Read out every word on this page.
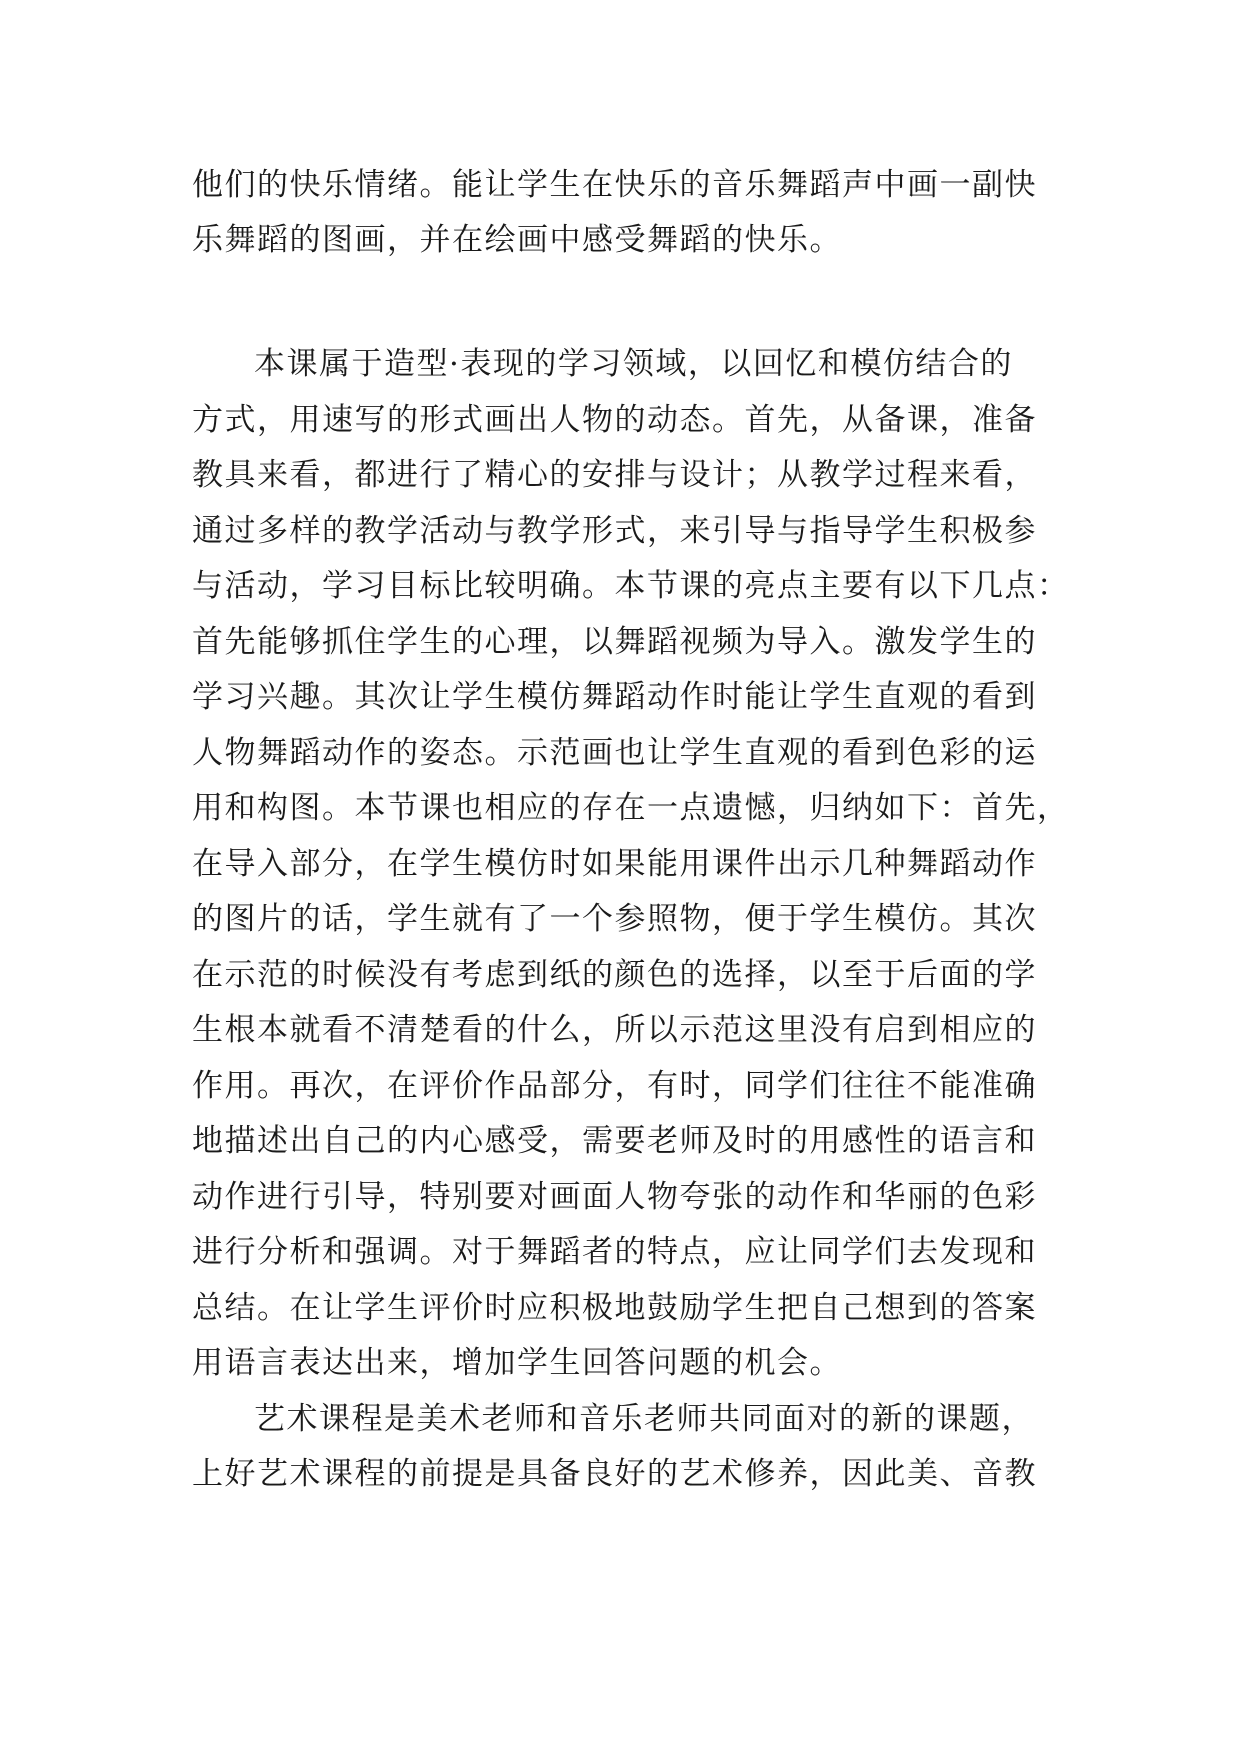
他们的快乐情绪。能让学生在快乐的音乐舞蹈声中画一副快
乐舞蹈的图画，并在绘画中感受舞蹈的快乐。
本课属于造型·表现的学习领域，以回忆和模仿结合的
方式，用速写的形式画出人物的动态。首先，从备课，准备
教具来看，都进行了精心的安排与设计；从教学过程来看，
通过多样的教学活动与教学形式，来引导与指导学生积极参
与活动，学习目标比较明确。本节课的亮点主要有以下几点：
首先能够抓住学生的心理，以舞蹈视频为导入。激发学生的
学习兴趣。其次让学生模仿舞蹈动作时能让学生直观的看到
人物舞蹈动作的姿态。示范画也让学生直观的看到色彩的运
用和构图。本节课也相应的存在一点遗憾，归纳如下：首先，
在导入部分，在学生模仿时如果能用课件出示几种舞蹈动作
的图片的话，学生就有了一个参照物，便于学生模仿。其次
在示范的时候没有考虑到纸的颜色的选择，以至于后面的学
生根本就看不清楚看的什么，所以示范这里没有启到相应的
作用。再次，在评价作品部分，有时，同学们往往不能准确
地描述出自己的内心感受，需要老师及时的用感性的语言和
动作进行引导，特别要对画面人物夸张的动作和华丽的色彩
进行分析和强调。对于舞蹈者的特点，应让同学们去发现和
总结。在让学生评价时应积极地鼓励学生把自己想到的答案
用语言表达出来，增加学生回答问题的机会。
艺术课程是美术老师和音乐老师共同面对的新的课题，
上好艺术课程的前提是具备良好的艺术修养，因此美、音教
